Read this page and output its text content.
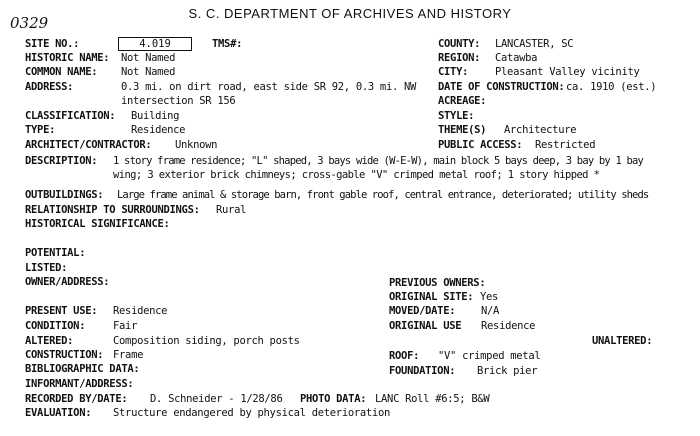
0329
S. C. DEPARTMENT OF ARCHIVES AND HISTORY
SITE NO.:	4.019	TMS#:	COUNTY: LANCASTER, SC
HISTORIC NAME: Not Named	REGION: Catawba
COMMON NAME: Not Named	CITY:	Pleasant Valley vicinity
ADDRESS:	0.3 mi. on dirt road, east side SR 92, 0.3 mi. NW
intersection SR 156
DATE OF CONSTRUCTION: ca. 1910 (est.)
ACREAGE:
CLASSIFICATION: Building	STYLE:
TYPE:	Residence	THEME(S) Architecture
ARCHITECT/CONTRACTOR: Unknown	PUBLIC ACCESS: Restricted
DESCRIPTION: 1 story frame residence; "L" shaped, 3 bays wide (W-E-W), main block 5 bays deep, 3 bay by 1 bay
wing; 3 exterior brick chimneys; cross-gable "V" crimped metal roof; 1 story hipped *
OUTBUILDINGS: Large frame animal & storage barn, front gable roof, central entrance, deteriorated; utility sheds
RELATIONSHIP TO SURROUNDINGS: Rural
HISTORICAL SIGNIFICANCE:
POTENTIAL:
LISTED:
OWNER/ADDRESS:	PREVIOUS OWNERS:
ORIGINAL SITE: Yes
PRESENT USE: Residence	MOVED/DATE: N/A
CONDITION:	Fair	ORIGINAL USE Residence
ALTERED:	Composition siding, porch posts	UNALTERED:
CONSTRUCTION: Frame	ROOF: "V" crimped metal
BIBLIOGRAPHIC DATA:	FOUNDATION: Brick pier
INFORMANT/ADDRESS:
RECORDED BY/DATE: D. Schneider - 1/28/86 PHOTO DATA: LANC Roll #6:5; B&W
EVALUATION: Structure endangered by physical deterioration
